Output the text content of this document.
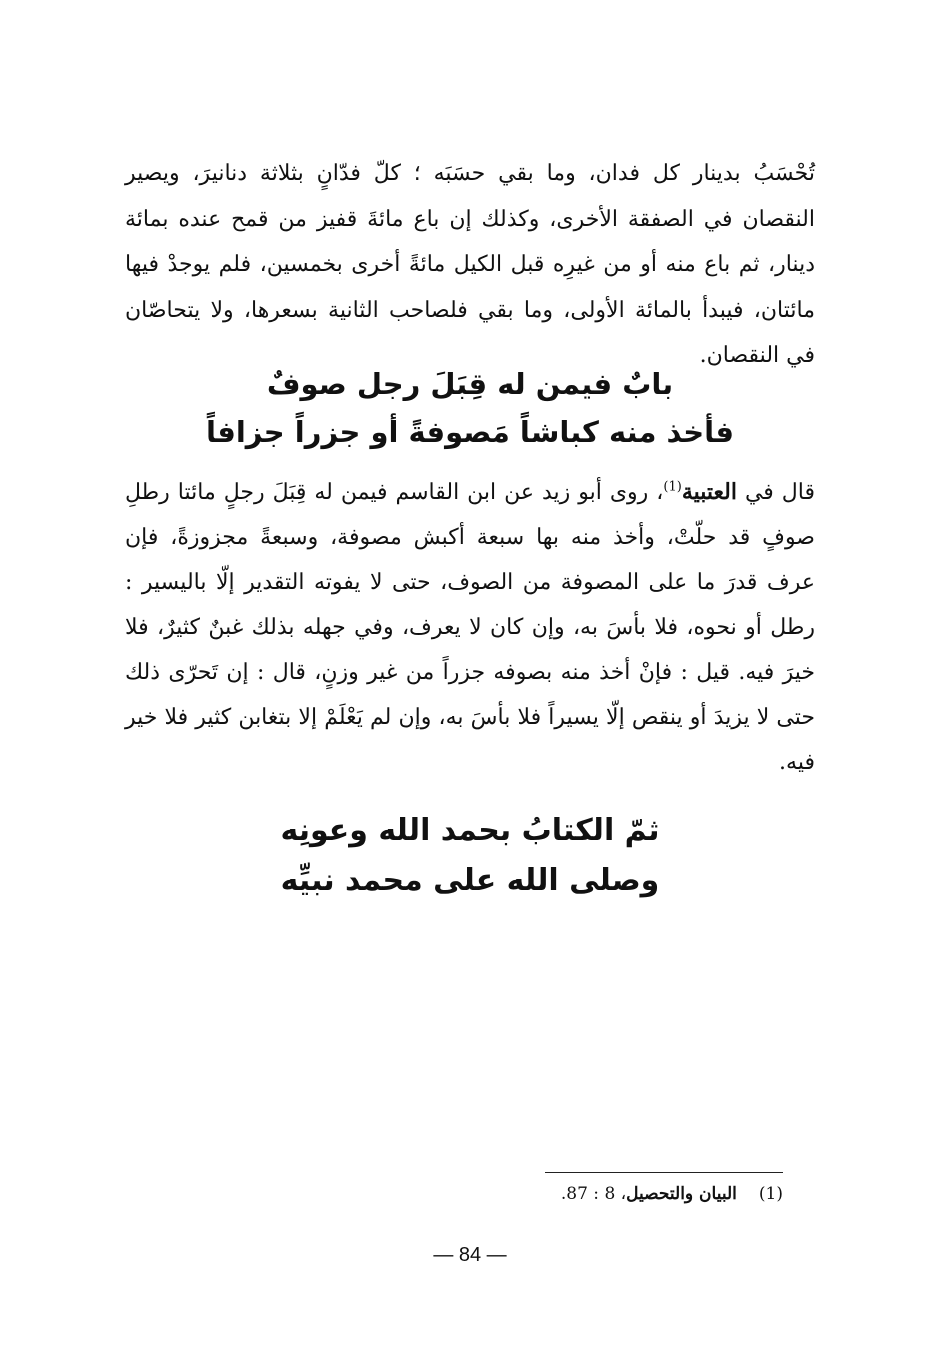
تُحْسَبُ بدينار كل فدان، وما بقي حسَبَه ؛ كلّ فدّانٍ بثلاثة دنانيرَ، ويصير النقصان في الصفقة الأخرى، وكذلك إن باع مائةَ قفيز من قمح عنده بمائة دينار، ثم باع منه أو من غيرِه قبل الكيل مائةً أخرى بخمسين، فلم يوجدْ فيها مائتان، فيبدأ بالمائة الأولى، وما بقي فلصاحب الثانية بسعرها، ولا يتحاصّان في النقصان.

بابٌ فيمن له قِبَلَ رجل صوفٌ
فأخذ منه كباشاً مَصوفةً أو جزراً جزافاً

قال في العتبية$^{(1)}$، روى أبو زيد عن ابن القاسم فيمن له قِبَلَ رجلٍ مائتا رطلِ صوفٍ قد حلّتْ، وأخذ منه بها سبعة أكبش مصوفة، وسبعةً مجزوزةً، فإن عرف قدرَ ما على المصوفة من الصوف، حتى لا يفوته التقدير إلّا باليسير : رطل أو نحوه، فلا بأسَ به، وإن كان لا يعرف، وفي جهله بذلك غبنٌ كثيرٌ، فلا خيرَ فيه. قيل : فإنْ أخذ منه بصوفه جزراً من غير وزنٍ، قال : إن تَحرّى ذلك حتى لا يزيدَ أو ينقص إلّا يسيراً فلا بأسَ به، وإن لم يَعْلَمْ إلا بتغابن كثير فلا خير فيه.

ثمّ الكتابُ بحمد الله وعونِه
وصلى الله على محمد نبيِّه

(1)البيان والتحصيل، 8 : 87.

— 84 —
